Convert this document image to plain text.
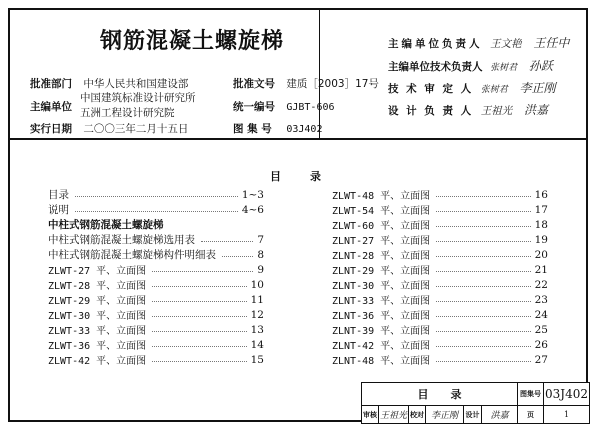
钢筋混凝土螺旋梯
批准部门 中华人民共和国建设部
主编单位
中国建筑标准设计研究所
五洲工程设计研究院
实行日期 二〇〇三年二月十五日
批准文号 建质［2003］17号
统一编号 GJBT-606
图 集 号 03J402
主编单位负责人 王文艳 王任中
主编单位技术负责人 张树君 孙跃
技 术 审 定 人 张树君 李正刚
设 计 负 责 人 王祖光 洪嘉
目	录
目录	1~3
说明	4~6
中柱式钢筋混凝土螺旋梯
中柱式钢筋混凝土螺旋梯选用表	7
中柱式钢筋混凝土螺旋梯构件明细表	8
ZLWT-27 平、立面图	9
ZLWT-28 平、立面图	10
ZLWT-29 平、立面图	11
ZLWT-30 平、立面图	12
ZLWT-33 平、立面图	13
ZLWT-36 平、立面图	14
ZLWT-42 平、立面图	15
ZLWT-48 平、立面图	16
ZLWT-54 平、立面图	17
ZLWT-60 平、立面图	18
ZLNT-27 平、立面图	19
ZLNT-28 平、立面图	20
ZLNT-29 平、立面图	21
ZLNT-30 平、立面图	22
ZLNT-33 平、立面图	23
ZLNT-36 平、立面图	24
ZLNT-39 平、立面图	25
ZLNT-42 平、立面图	26
ZLNT-48 平、立面图	27
目　　录	图集号 03J402
审核 王祖光 校对 李正刚	设计	洪嘉	页	1
